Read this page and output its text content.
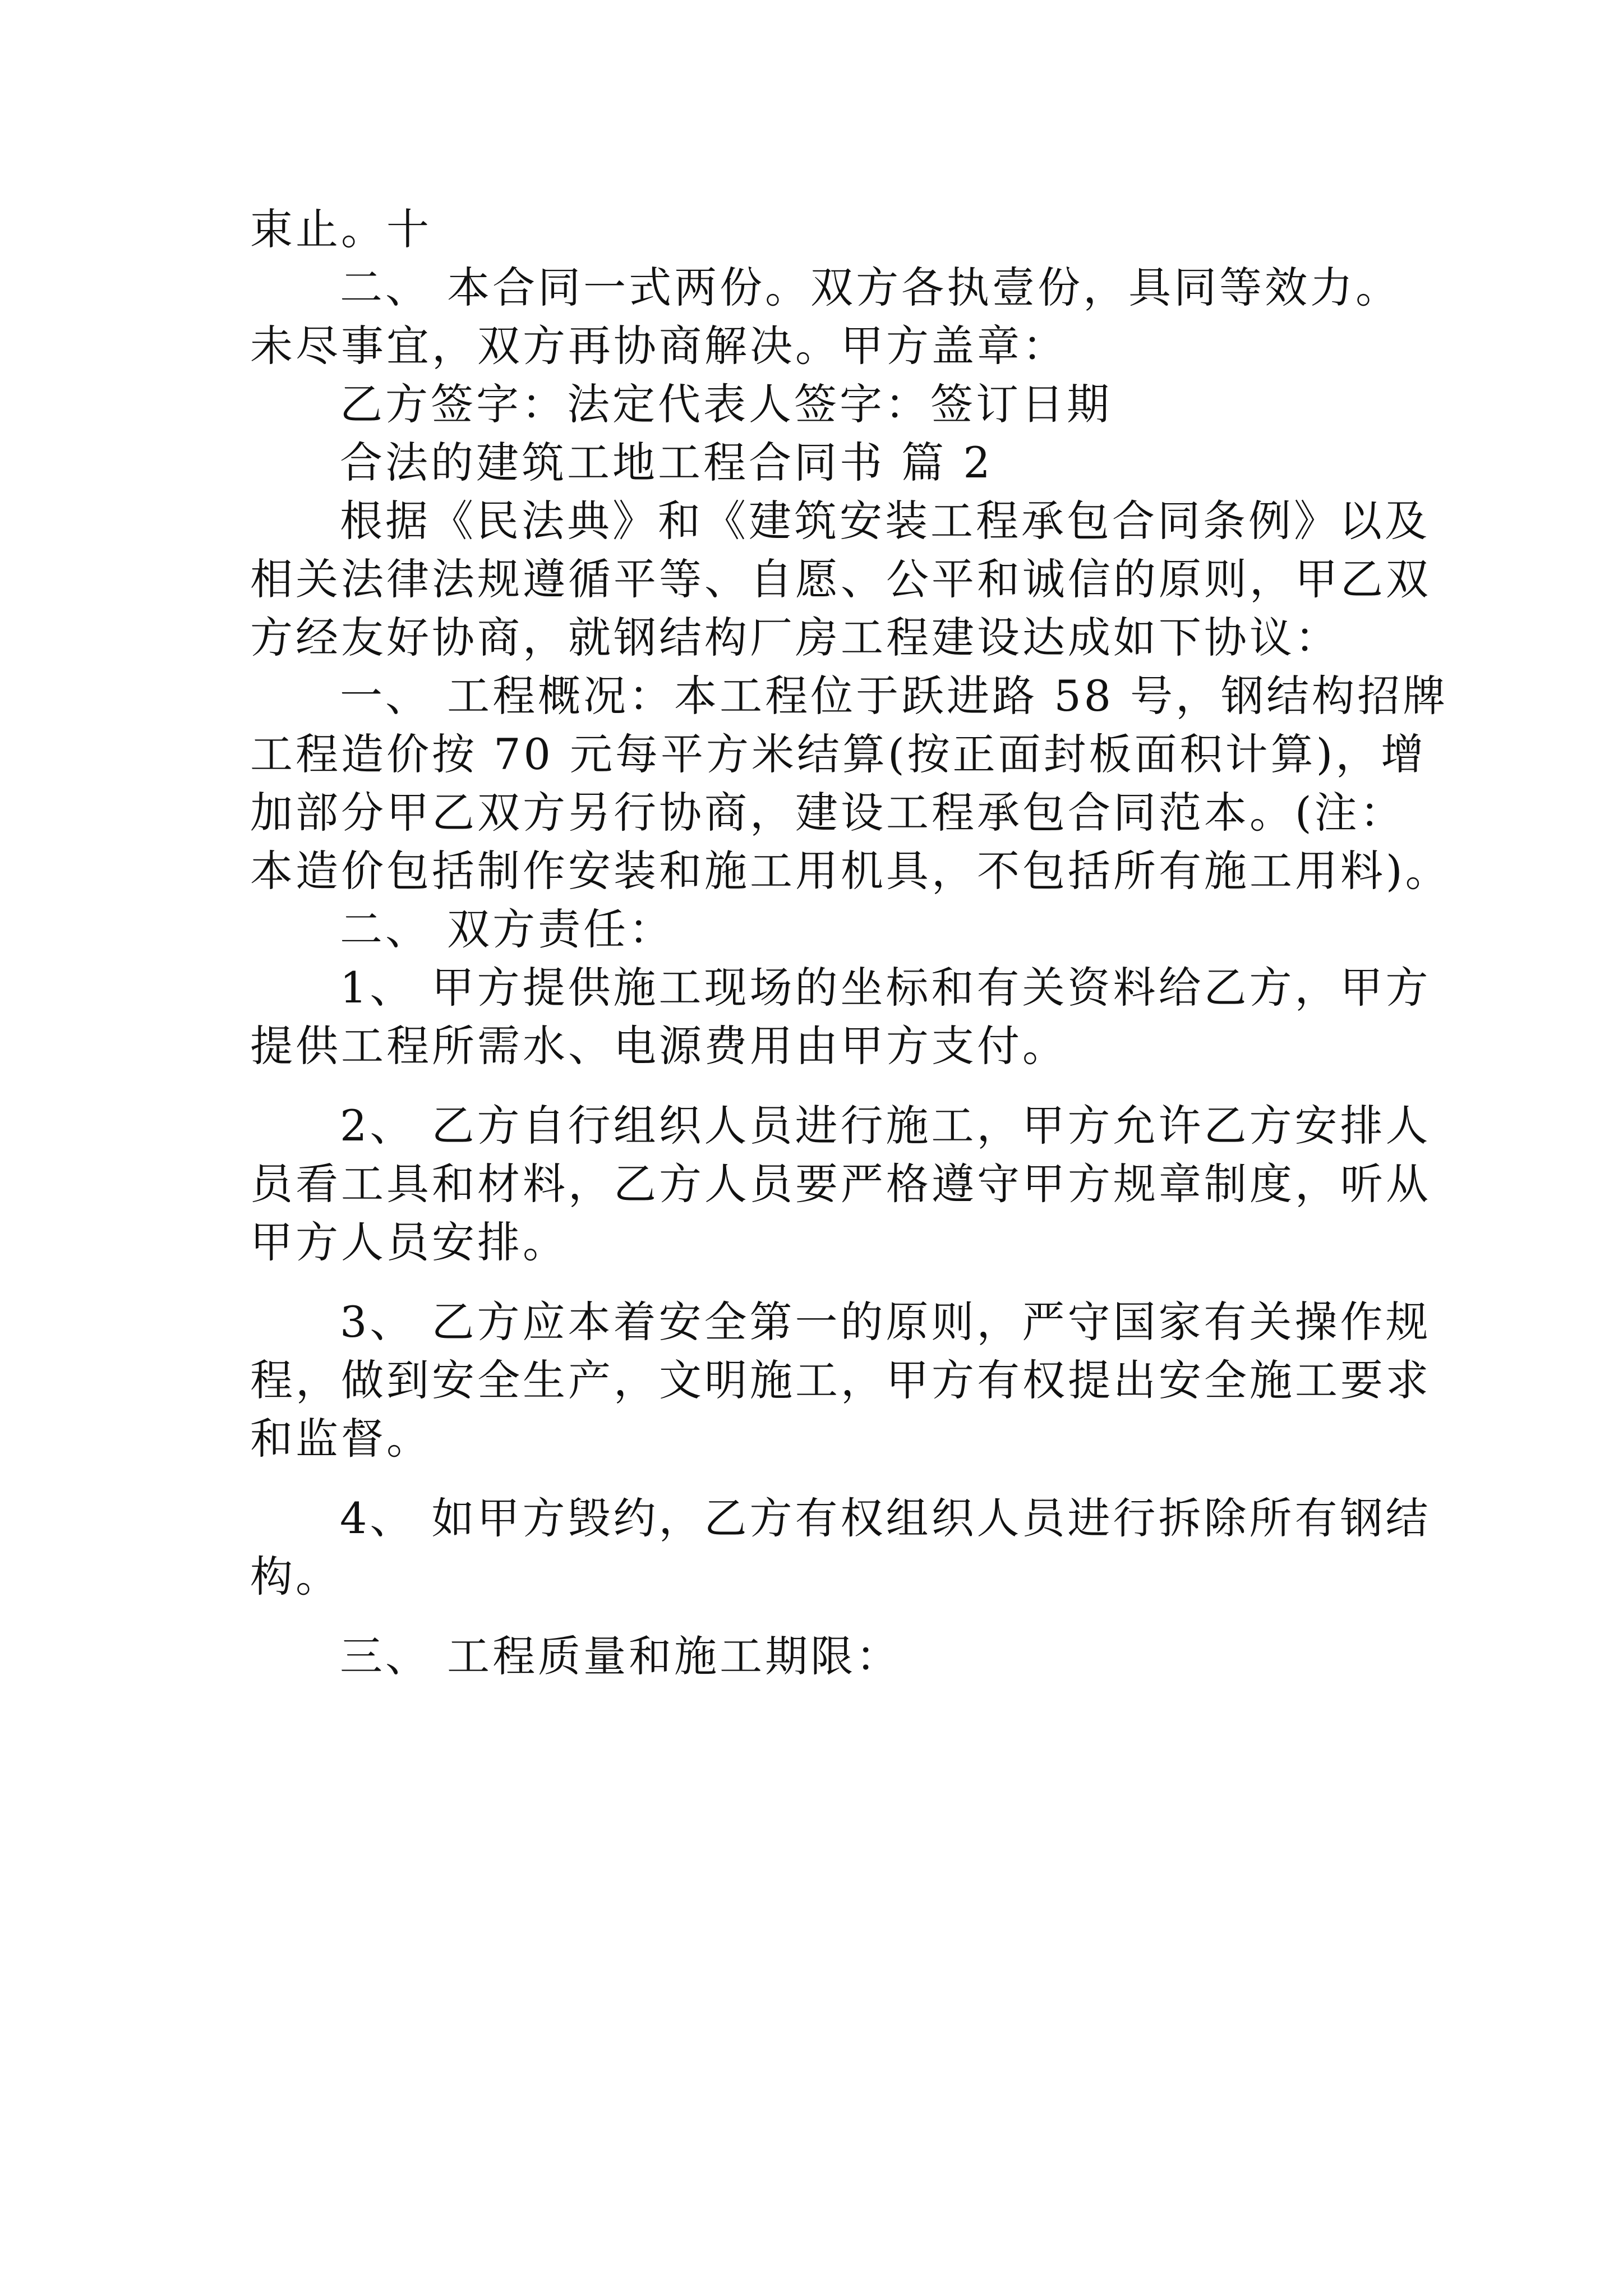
束止。十
二、 本合同一式两份。双方各执壹份，具同等效力。
未尽事宜，双方再协商解决。甲方盖章：
乙方签字：法定代表人签字：签订日期
合法的建筑工地工程合同书 篇 2
根据《民法典》和《建筑安装工程承包合同条例》以及
相关法律法规遵循平等、自愿、公平和诚信的原则，甲乙双
方经友好协商，就钢结构厂房工程建设达成如下协议：
一、 工程概况：本工程位于跃进路 58 号，钢结构招牌
工程造价按 70 元每平方米结算(按正面封板面积计算)，增
加部分甲乙双方另行协商，建设工程承包合同范本。(注：
本造价包括制作安装和施工用机具，不包括所有施工用料)。
二、 双方责任：
1、 甲方提供施工现场的坐标和有关资料给乙方，甲方
提供工程所需水、电源费用由甲方支付。
2、 乙方自行组织人员进行施工，甲方允许乙方安排人
员看工具和材料，乙方人员要严格遵守甲方规章制度，听从
甲方人员安排。
3、 乙方应本着安全第一的原则，严守国家有关操作规
程，做到安全生产，文明施工，甲方有权提出安全施工要求
和监督。
4、 如甲方毁约，乙方有权组织人员进行拆除所有钢结
构。
三、 工程质量和施工期限：
